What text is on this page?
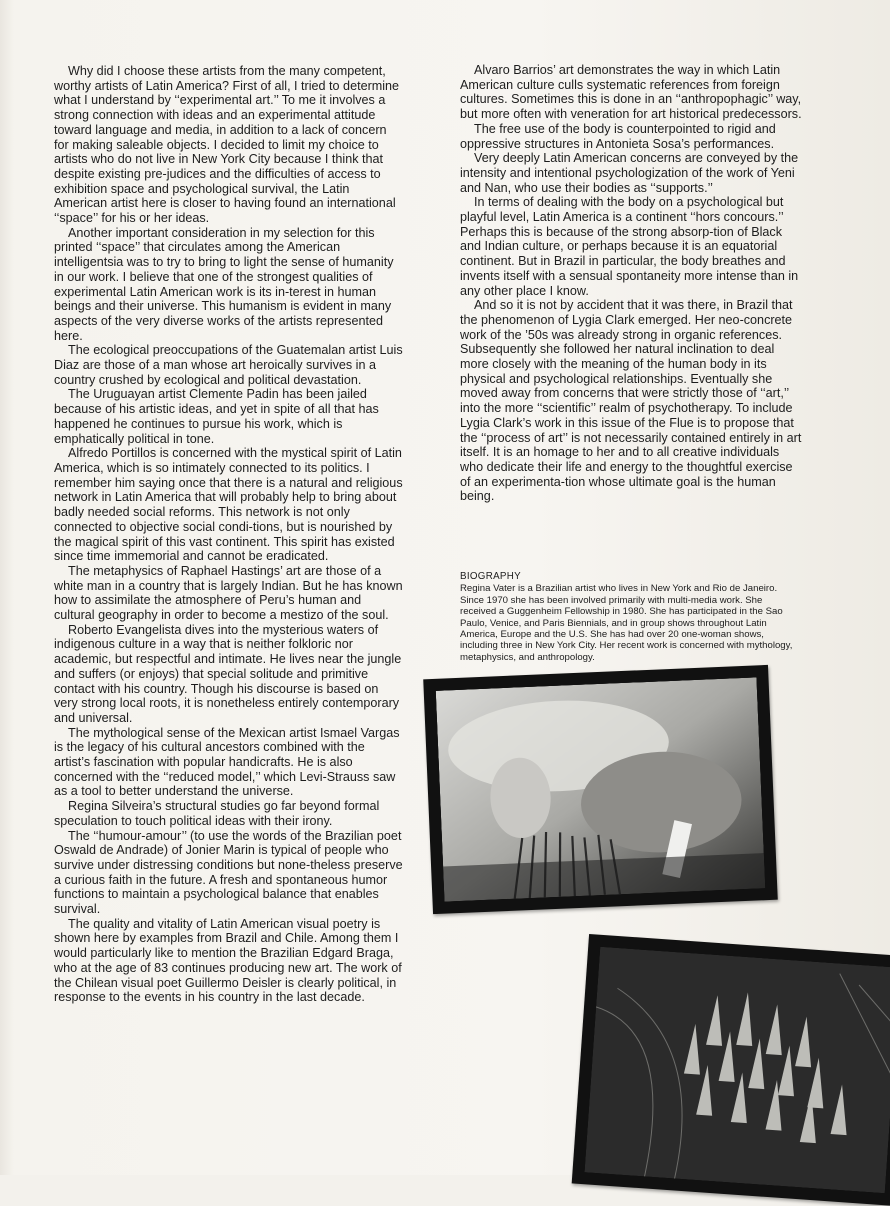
Why did I choose these artists from the many competent, worthy artists of Latin America? First of all, I tried to determine what I understand by ‘‘experimental art.’’ To me it involves a strong connection with ideas and an experimental attitude toward language and media, in addition to a lack of concern for making saleable objects. I decided to limit my choice to artists who do not live in New York City because I think that despite existing pre-judices and the difficulties of access to exhibition space and psychological survival, the Latin American artist here is closer to having found an international ‘‘space’’ for his or her ideas.

Another important consideration in my selection for this printed ‘‘space’’ that circulates among the American intelligentsia was to try to bring to light the sense of humanity in our work. I believe that one of the strongest qualities of experimental Latin American work is its in-terest in human beings and their universe. This humanism is evident in many aspects of the very diverse works of the artists represented here.

The ecological preoccupations of the Guatemalan artist Luis Diaz are those of a man whose art heroically survives in a country crushed by ecological and political devastation.

The Uruguayan artist Clemente Padin has been jailed because of his artistic ideas, and yet in spite of all that has happened he continues to pursue his work, which is emphatically political in tone.

Alfredo Portillos is concerned with the mystical spirit of Latin America, which is so intimately connected to its politics. I remember him saying once that there is a natural and religious network in Latin America that will probably help to bring about badly needed social reforms. This network is not only connected to objective social condi-tions, but is nourished by the magical spirit of this vast continent. This spirit has existed since time immemorial and cannot be eradicated.

The metaphysics of Raphael Hastings’ art are those of a white man in a country that is largely Indian. But he has known how to assimilate the atmosphere of Peru’s human and cultural geography in order to become a mestizo of the soul.

Roberto Evangelista dives into the mysterious waters of indigenous culture in a way that is neither folkloric nor academic, but respectful and intimate. He lives near the jungle and suffers (or enjoys) that special solitude and primitive contact with his country. Though his discourse is based on very strong local roots, it is nonetheless entirely contemporary and universal.

The mythological sense of the Mexican artist Ismael Vargas is the legacy of his cultural ancestors combined with the artist’s fascination with popular handicrafts. He is also concerned with the ‘‘reduced model,’’ which Levi-Strauss saw as a tool to better understand the universe.

Regina Silveira’s structural studies go far beyond formal speculation to touch political ideas with their irony.

The ‘‘humour-amour’’ (to use the words of the Brazilian poet Oswald de Andrade) of Jonier Marin is typical of people who survive under distressing conditions but none-theless preserve a curious faith in the future. A fresh and spontaneous humor functions to maintain a psychological balance that enables survival.

The quality and vitality of Latin American visual poetry is shown here by examples from Brazil and Chile. Among them I would particularly like to mention the Brazilian Edgard Braga, who at the age of 83 continues producing new art. The work of the Chilean visual poet Guillermo Deisler is clearly political, in response to the events in his country in the last decade.

Alvaro Barrios’ art demonstrates the way in which Latin American culture culls systematic references from foreign cultures. Sometimes this is done in an ‘‘anthropophagic’’ way, but more often with veneration for art historical predecessors.

The free use of the body is counterpointed to rigid and oppressive structures in Antonieta Sosa’s performances.

Very deeply Latin American concerns are conveyed by the intensity and intentional psychologization of the work of Yeni and Nan, who use their bodies as ‘‘supports.’’

In terms of dealing with the body on a psychological but playful level, Latin America is a continent ‘‘hors concours.’’ Perhaps this is because of the strong absorp-tion of Black and Indian culture, or perhaps because it is an equatorial continent. But in Brazil in particular, the body breathes and invents itself with a sensual spontaneity more intense than in any other place I know.

And so it is not by accident that it was there, in Brazil that the phenomenon of Lygia Clark emerged. Her neo-concrete work of the ’50s was already strong in organic references. Subsequently she followed her natural inclination to deal more closely with the meaning of the human body in its physical and psychological relationships. Eventually she moved away from concerns that were strictly those of ‘‘art,’’ into the more ‘‘scientific’’ realm of psychotherapy. To include Lygia Clark’s work in this issue of the Flue is to propose that the ‘‘process of art’’ is not necessarily contained entirely in art itself. It is an homage to her and to all creative individuals who dedicate their life and energy to the thoughtful exercise of an experimenta-tion whose ultimate goal is the human being.

BIOGRAPHY
Regina Vater is a Brazilian artist who lives in New York and Rio de Janeiro. Since 1970 she has been involved primarily with multi-media work. She received a Guggenheim Fellowship in 1980. She has participated in the Sao Paulo, Venice, and Paris Biennials, and in group shows throughout Latin America, Europe and the U.S. She has had over 20 one-woman shows, including three in New York City. Her recent work is concerned with mythology, metaphysics, and anthropology.
